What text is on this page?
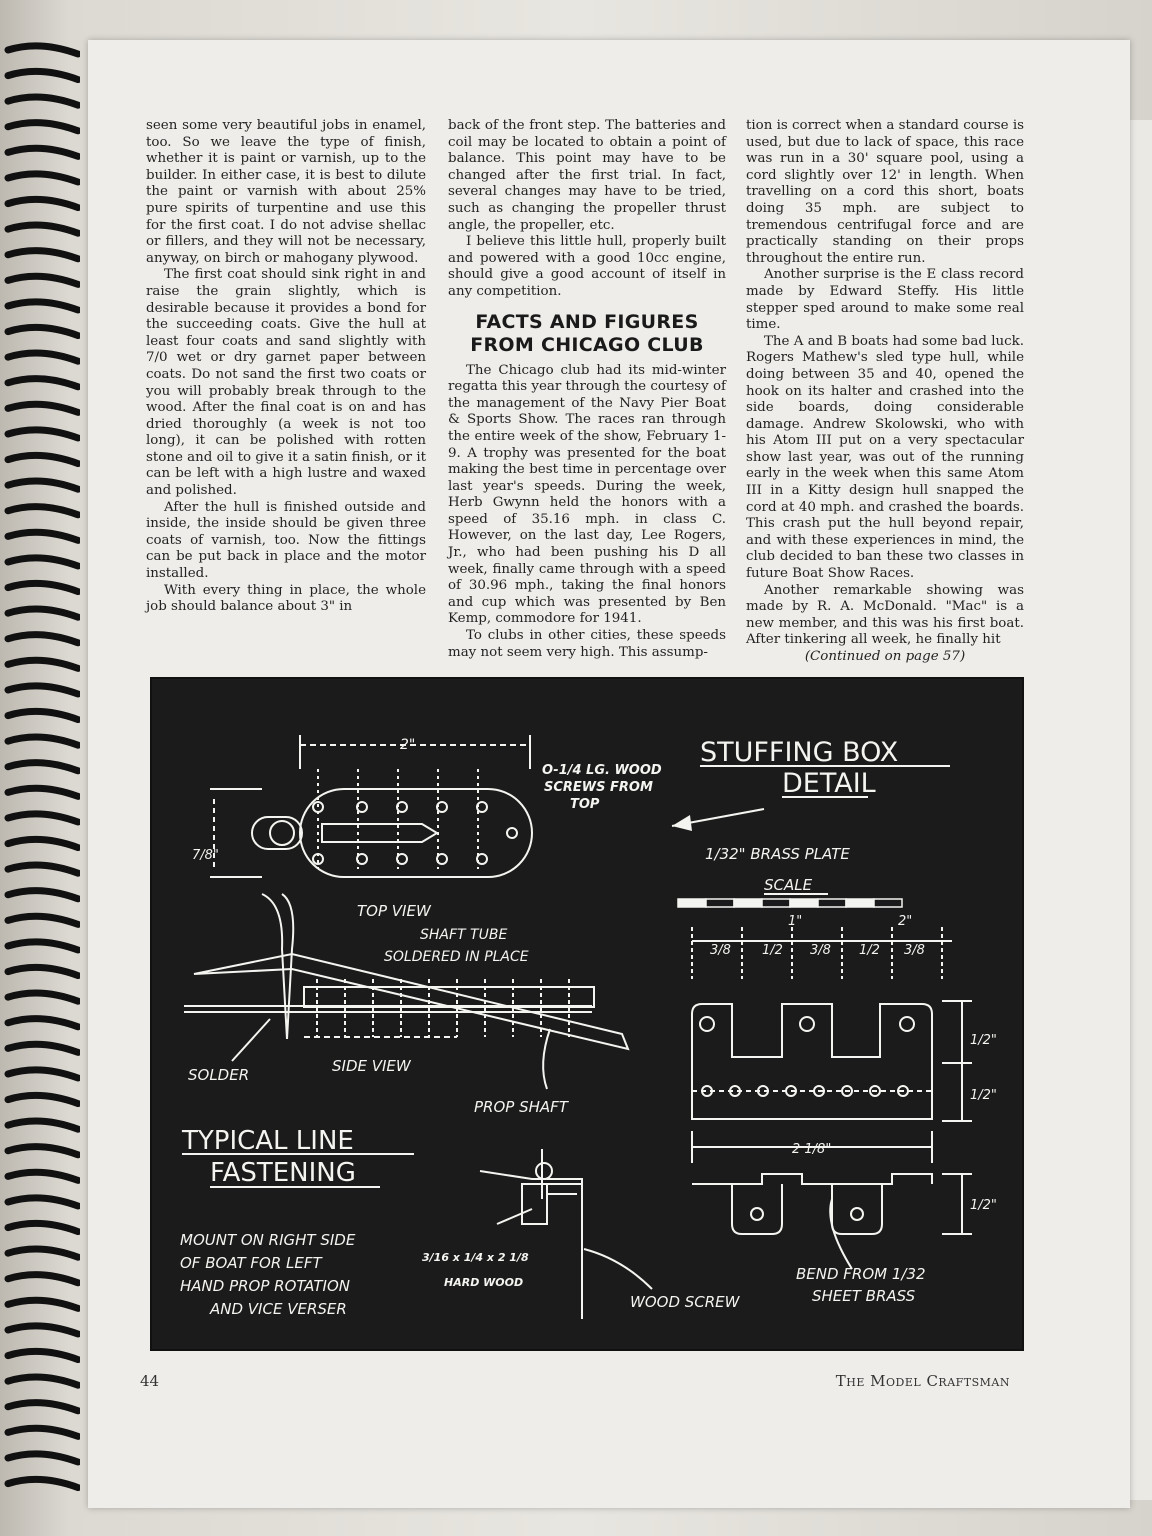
seen some very beautiful jobs in enamel, too. So we leave the type of finish, whether it is paint or varnish, up to the builder. In either case, it is best to dilute the paint or varnish with about 25% pure spirits of turpentine and use this for the first coat. I do not advise shellac or fillers, and they will not be necessary, anyway, on birch or mahogany plywood.

The first coat should sink right in and raise the grain slightly, which is desirable because it provides a bond for the succeeding coats. Give the hull at least four coats and sand slightly with 7/0 wet or dry garnet paper between coats. Do not sand the first two coats or you will probably break through to the wood. After the final coat is on and has dried thoroughly (a week is not too long), it can be polished with rotten stone and oil to give it a satin finish, or it can be left with a high lustre and waxed and polished.

After the hull is finished outside and inside, the inside should be given three coats of varnish, too. Now the fittings can be put back in place and the motor installed.

With every thing in place, the whole job should balance about 3" in

back of the front step. The batteries and coil may be located to obtain a point of balance. This point may have to be changed after the first trial. In fact, several changes may have to be tried, such as changing the propeller thrust angle, the propeller, etc.

I believe this little hull, properly built and powered with a good 10cc engine, should give a good account of itself in any competition.

FACTS AND FIGURES FROM CHICAGO CLUB

The Chicago club had its mid-winter regatta this year through the courtesy of the management of the Navy Pier Boat & Sports Show. The races ran through the entire week of the show, February 1-9. A trophy was presented for the boat making the best time in percentage over last year's speeds. During the week, Herb Gwynn held the honors with a speed of 35.16 mph. in class C. However, on the last day, Lee Rogers, Jr., who had been pushing his D all week, finally came through with a speed of 30.96 mph., taking the final honors and cup which was presented by Ben Kemp, commodore for 1941.

To clubs in other cities, these speeds may not seem very high. This assump-

tion is correct when a standard course is used, but due to lack of space, this race was run in a 30' square pool, using a cord slightly over 12' in length. When travelling on a cord this short, boats doing 35 mph. are subject to tremendous centrifugal force and are practically standing on their props throughout the entire run.

Another surprise is the E class record made by Edward Steffy. His little stepper sped around to make some real time.

The A and B boats had some bad luck. Rogers Mathew's sled type hull, while doing between 35 and 40, opened the hook on its halter and crashed into the side boards, doing considerable damage. Andrew Skolowski, who with his Atom III put on a very spectacular show last year, was out of the running early in the week when this same Atom III in a Kitty design hull snapped the cord at 40 mph. and crashed the boards. This crash put the hull beyond repair, and with these experiences in mind, the club decided to ban these two classes in future Boat Show Races.

Another remarkable showing was made by R. A. McDonald. "Mac" is a new member, and this was his first boat. After tinkering all week, he finally hit

(Continued on page 57)

STUFFING BOX
DETAIL
2"
O-1/4 LG. WOOD
SCREWS FROM
TOP
7/8"
TOP VIEW
1/32" BRASS PLATE
SCALE
1"	2"
SHAFT TUBE
SOLDERED IN PLACE
SIDE VIEW
SOLDER
PROP SHAFT
3/8 1/2 3/8 1/2 3/8
1/2"
1/2"
2 1/8"
1/2"
BEND FROM 1/32
SHEET BRASS
TYPICAL LINE
FASTENING
MOUNT ON RIGHT SIDE
OF BOAT FOR LEFT
HAND PROP ROTATION
AND VICE VERSER
3/16 x 1/4 x 2 1/8
HARD WOOD
WOOD SCREW
44	The Model Craftsman
